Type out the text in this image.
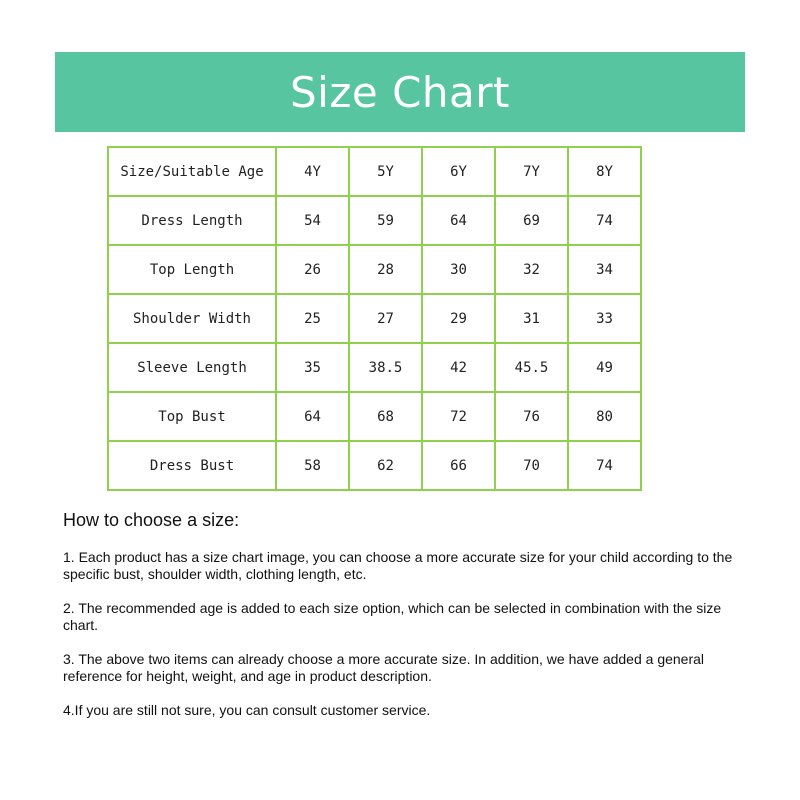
Size Chart
Size/Suitable Age	4Y	5Y	6Y	7Y	8Y
Dress Length	54	59	64	69	74
Top Length	26	28	30	32	34
Shoulder Width	25	27	29	31	33
Sleeve Length	35	38.5	42	45.5	49
Top Bust	64	68	72	76	80
Dress Bust	58	62	66	70	74
How to choose a size:

1. Each product has a size chart image, you can choose a more accurate size for your child according to the specific bust, shoulder width, clothing length, etc.

2. The recommended age is added to each size option, which can be selected in combination with the size chart.

3. The above two items can already choose a more accurate size. In addition, we have added a general reference for height, weight, and age in product description.

4.If you are still not sure, you can consult customer service.
